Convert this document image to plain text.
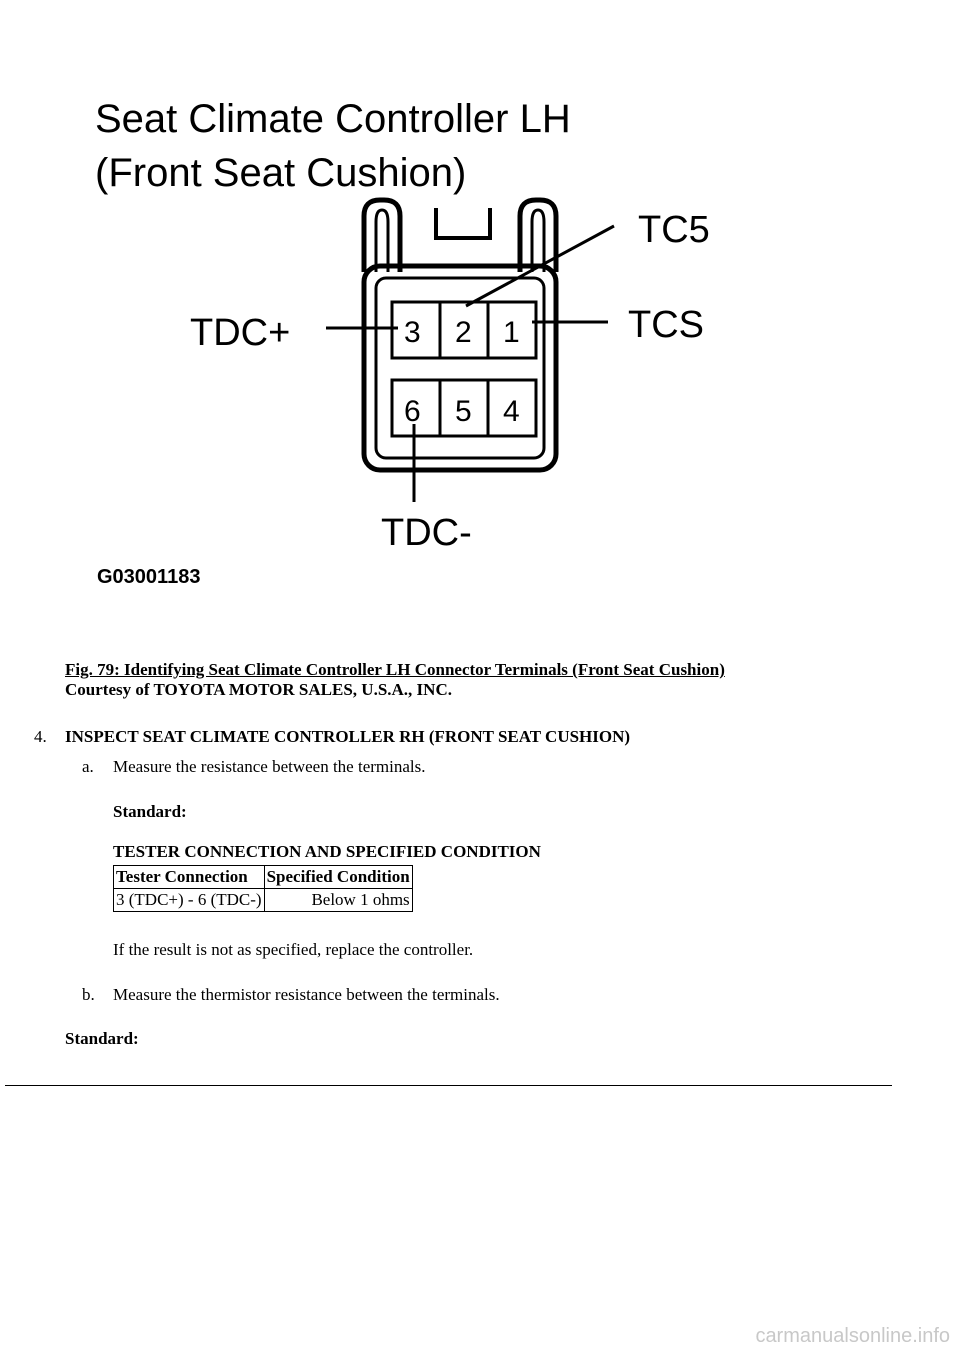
Seat Climate Controller LH
(Front Seat Cushion)
3 2 1
6 5 4
TC5
TCS
TDC+
TDC-
G03001183
Fig. 79: Identifying Seat Climate Controller LH Connector Terminals (Front Seat Cushion)
Courtesy of TOYOTA MOTOR SALES, U.S.A., INC.
4. INSPECT SEAT CLIMATE CONTROLLER RH (FRONT SEAT CUSHION)
a. Measure the resistance between the terminals.
Standard:
TESTER CONNECTION AND SPECIFIED CONDITION
Tester Connection	Specified Condition
3 (TDC+) - 6 (TDC-)	Below 1 ohms
If the result is not as specified, replace the controller.
b. Measure the thermistor resistance between the terminals.
Standard:
carmanualsonline.info
